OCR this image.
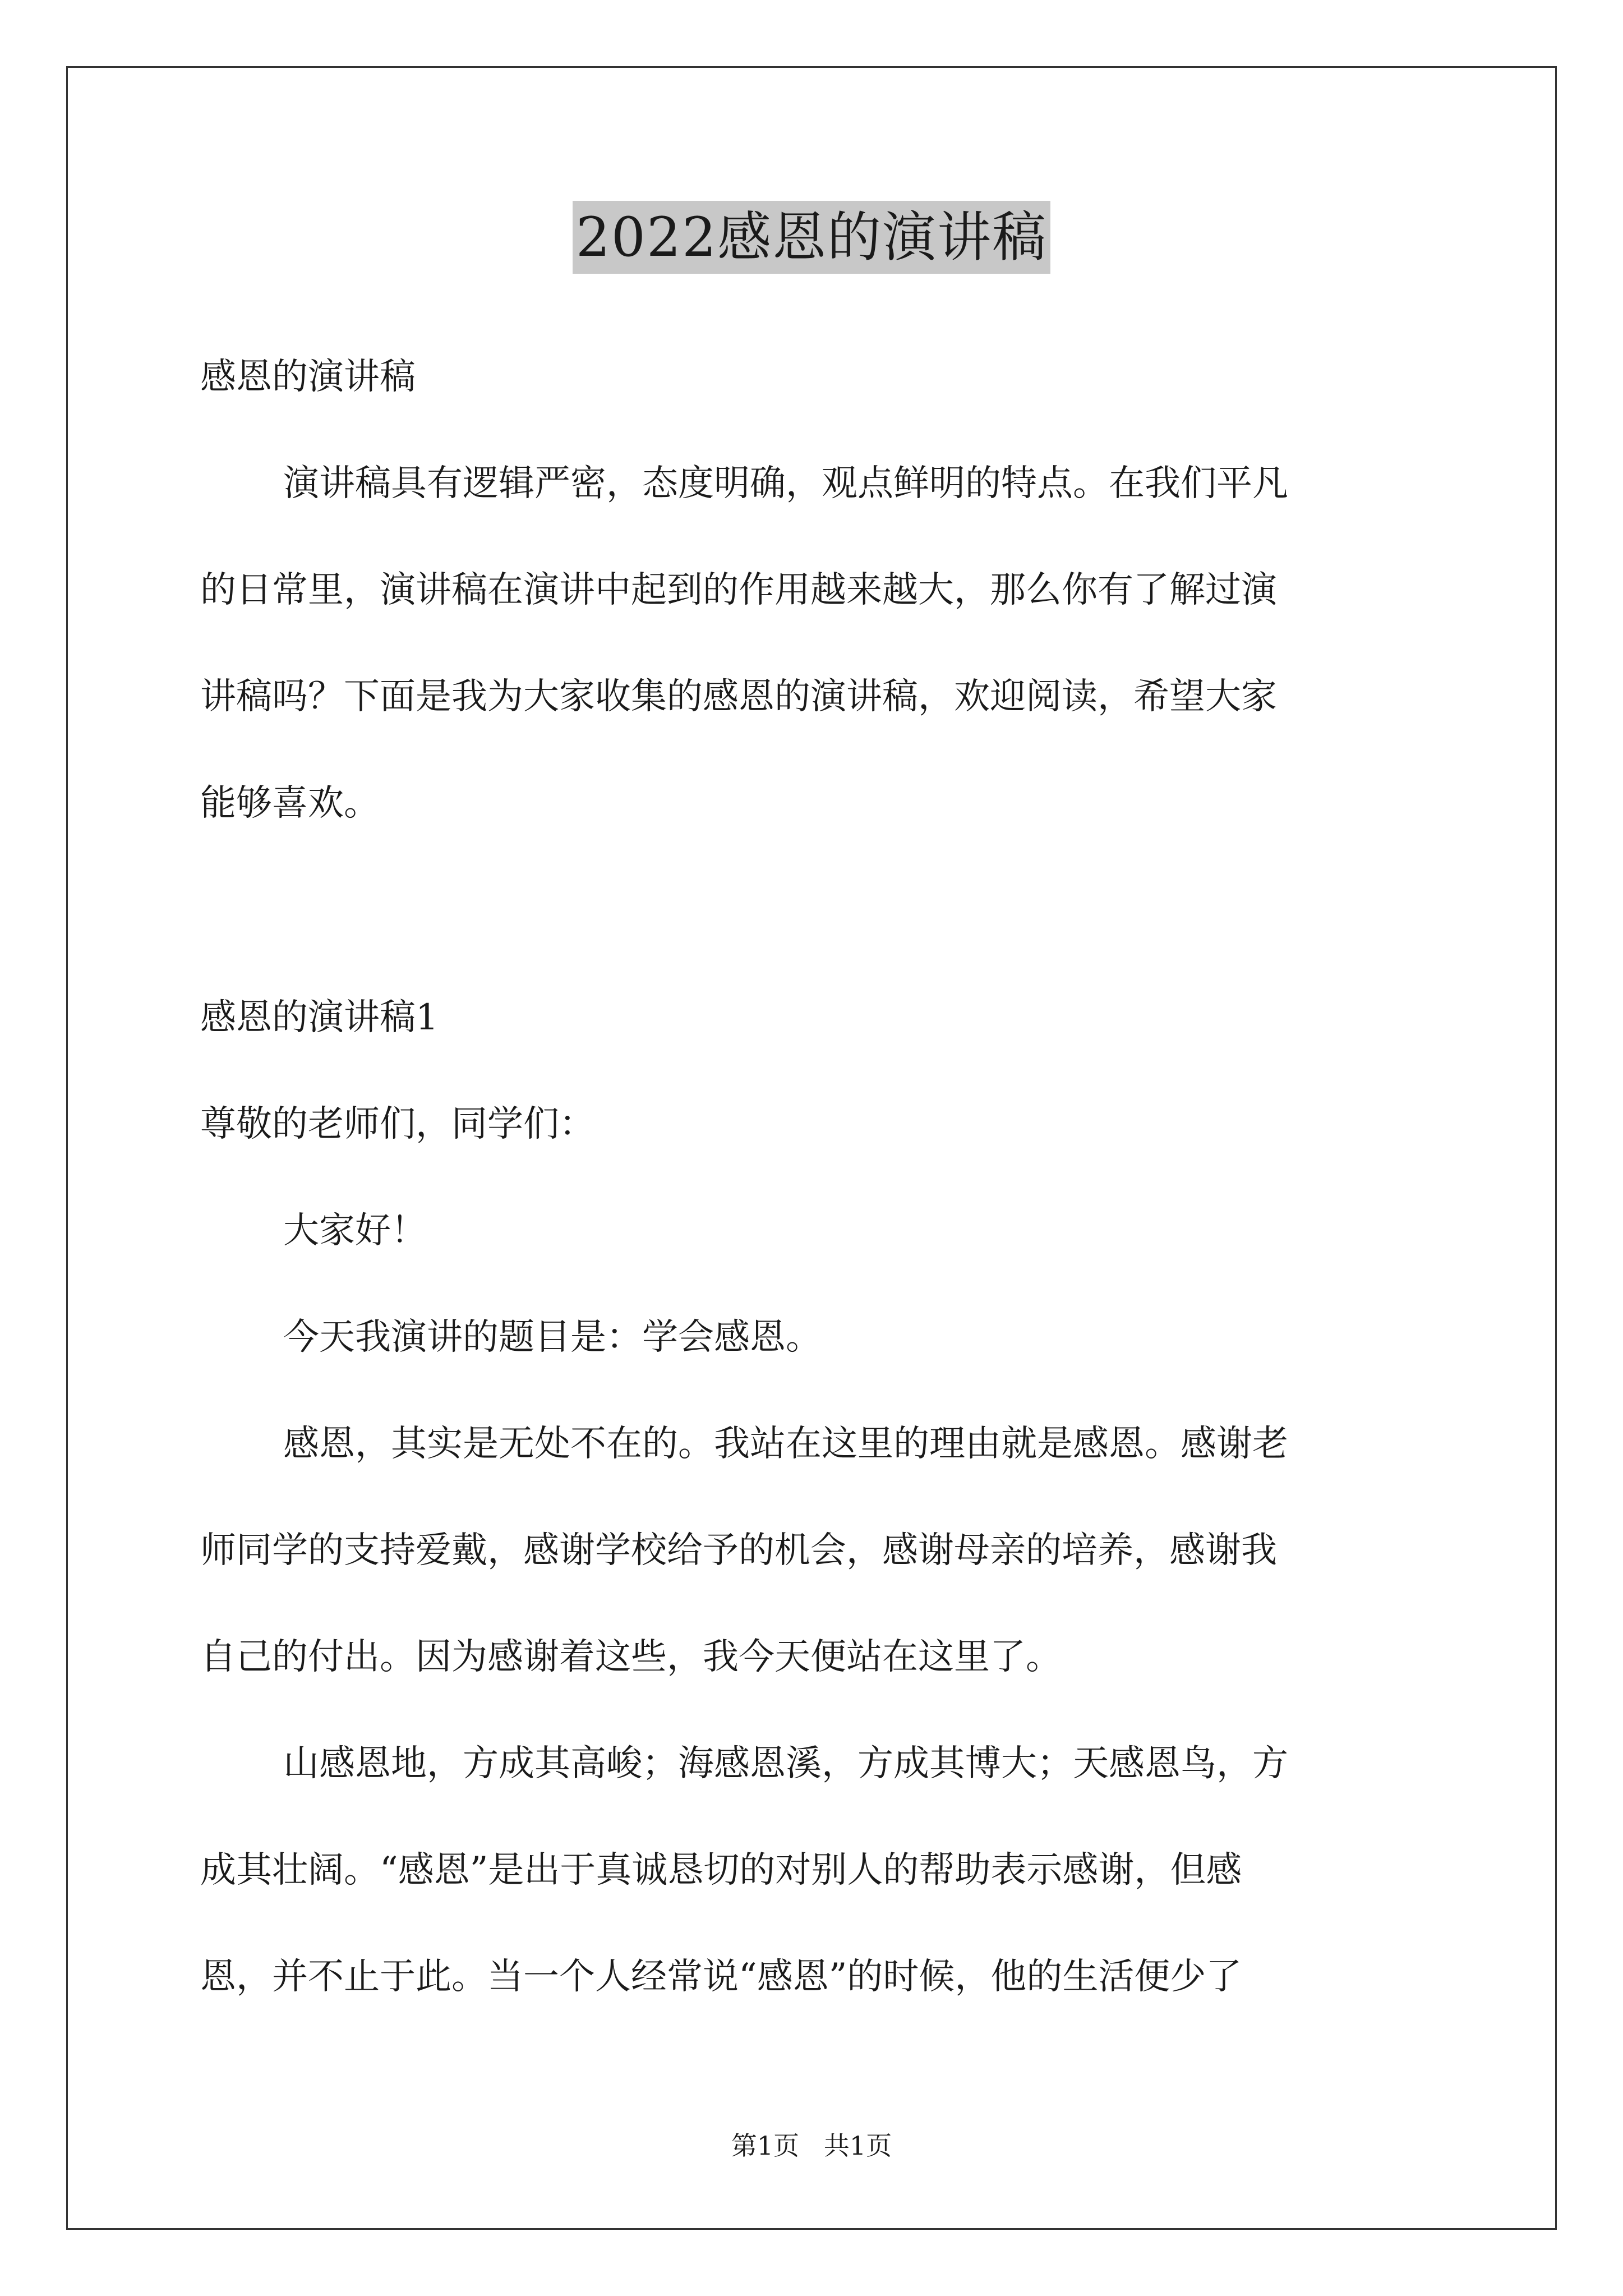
2022感恩的演讲稿
感恩的演讲稿
演讲稿具有逻辑严密，态度明确，观点鲜明的特点。在我们平凡
的日常里，演讲稿在演讲中起到的作用越来越大，那么你有了解过演
讲稿吗？下面是我为大家收集的感恩的演讲稿，欢迎阅读，希望大家
能够喜欢。
感恩的演讲稿1
尊敬的老师们，同学们：
大家好！
今天我演讲的题目是：学会感恩。
感恩，其实是无处不在的。我站在这里的理由就是感恩。感谢老
师同学的支持爱戴，感谢学校给予的机会，感谢母亲的培养，感谢我
自己的付出。因为感谢着这些，我今天便站在这里了。
山感恩地，方成其高峻；海感恩溪，方成其博大；天感恩鸟，方
成其壮阔。“感恩”是出于真诚恳切的对别人的帮助表示感谢，但感
恩，并不止于此。当一个人经常说“感恩”的时候，他的生活便少了
第1页   共1页
